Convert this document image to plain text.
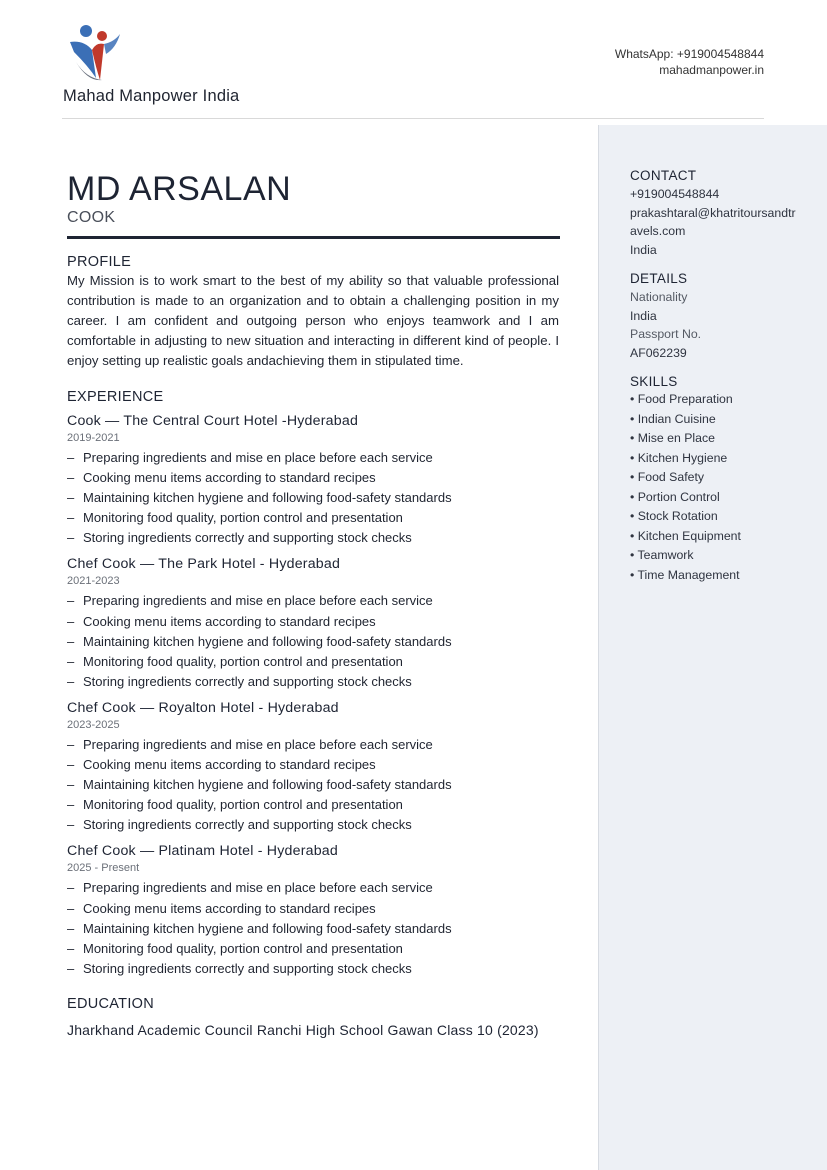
Mahad Manpower India
WhatsApp: +919004548844
mahadmanpower.in
MD ARSALAN
COOK
PROFILE
My Mission is to work smart to the best of my ability so that valuable professional contribution is made to an organization and to obtain a challenging position in my career. I am confident and outgoing person who enjoys teamwork and I am comfortable in adjusting to new situation and interacting in different kind of people. I enjoy setting up realistic goals andachieving them in stipulated time.
EXPERIENCE
Cook — The Central Court Hotel -Hyderabad
2019-2021
– Preparing ingredients and mise en place before each service
– Cooking menu items according to standard recipes
– Maintaining kitchen hygiene and following food-safety standards
– Monitoring food quality, portion control and presentation
– Storing ingredients correctly and supporting stock checks
Chef Cook — The Park Hotel - Hyderabad
2021-2023
– Preparing ingredients and mise en place before each service
– Cooking menu items according to standard recipes
– Maintaining kitchen hygiene and following food-safety standards
– Monitoring food quality, portion control and presentation
– Storing ingredients correctly and supporting stock checks
Chef Cook — Royalton Hotel - Hyderabad
2023-2025
– Preparing ingredients and mise en place before each service
– Cooking menu items according to standard recipes
– Maintaining kitchen hygiene and following food-safety standards
– Monitoring food quality, portion control and presentation
– Storing ingredients correctly and supporting stock checks
Chef Cook — Platinam Hotel - Hyderabad
2025 - Present
– Preparing ingredients and mise en place before each service
– Cooking menu items according to standard recipes
– Maintaining kitchen hygiene and following food-safety standards
– Monitoring food quality, portion control and presentation
– Storing ingredients correctly and supporting stock checks
EDUCATION
Jharkhand Academic Council Ranchi High School Gawan Class 10 (2023)
CONTACT
+919004548844
prakashtaral@khatritoursandtravels.com
India
DETAILS
Nationality
India
Passport No.
AF062239
SKILLS
• Food Preparation
• Indian Cuisine
• Mise en Place
• Kitchen Hygiene
• Food Safety
• Portion Control
• Stock Rotation
• Kitchen Equipment
• Teamwork
• Time Management
